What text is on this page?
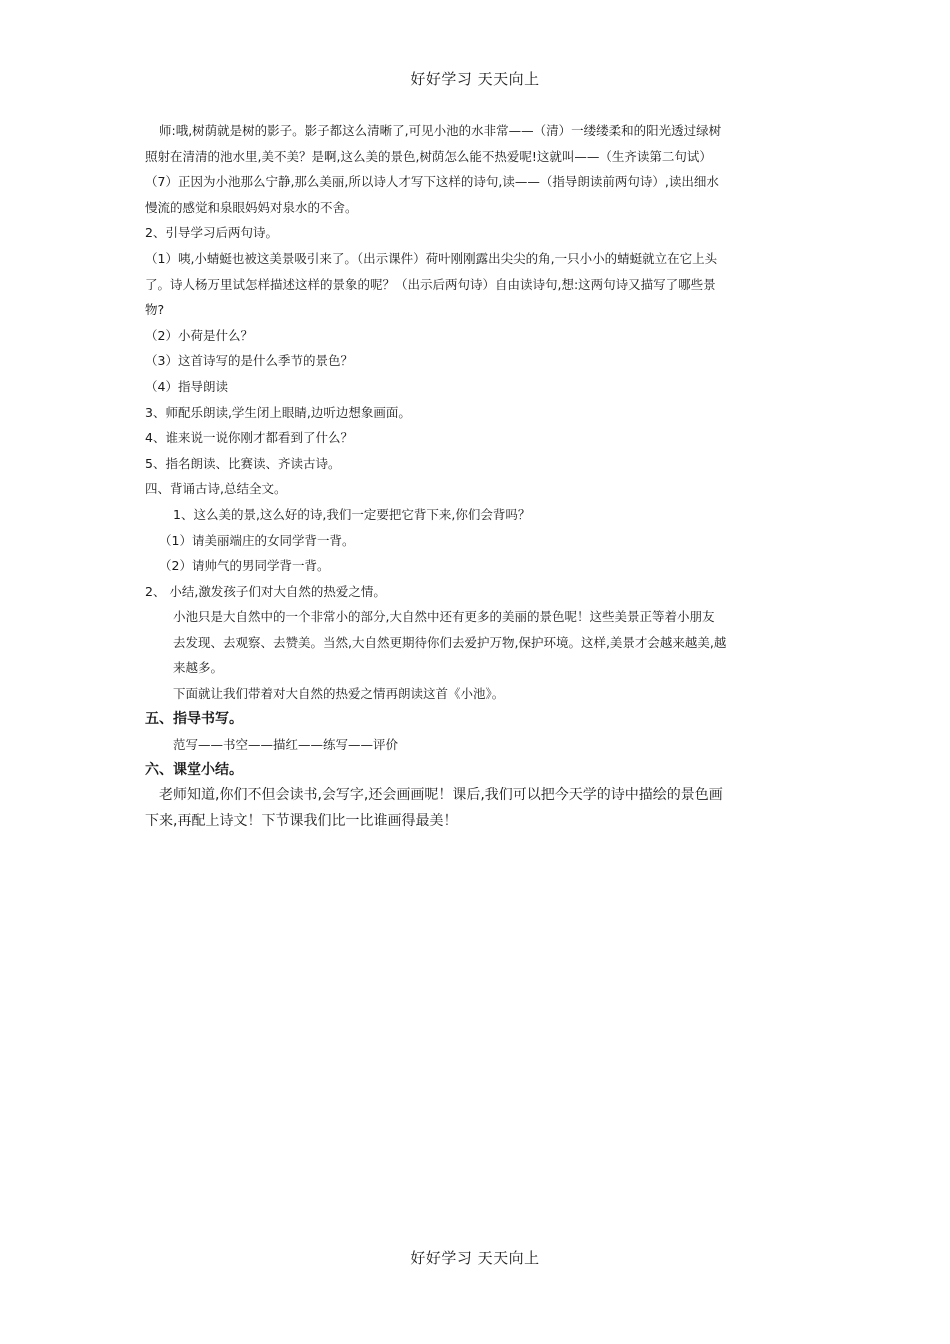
好好学习 天天向上
师:哦,树荫就是树的影子。影子都这么清晰了,可见小池的水非常——（清）一缕缕柔和的阳光透过绿树
照射在清清的池水里,美不美？是啊,这么美的景色,树荫怎么能不热爱呢!这就叫——（生齐读第二句试）
（7）正因为小池那么宁静,那么美丽,所以诗人才写下这样的诗句,读——（指导朗读前两句诗）,读出细水
慢流的感觉和泉眼妈妈对泉水的不舍。
2、引导学习后两句诗。
（1）咦,小蜻蜓也被这美景吸引来了。（出示课件）荷叶刚刚露出尖尖的角,一只小小的蜻蜓就立在它上头
了。诗人杨万里试怎样描述这样的景象的呢？（出示后两句诗）自由读诗句,想:这两句诗又描写了哪些景
物?
（2）小荷是什么？
（3）这首诗写的是什么季节的景色？
（4）指导朗读
3、师配乐朗读,学生闭上眼睛,边听边想象画面。
4、谁来说一说你刚才都看到了什么？
5、指名朗读、比赛读、齐读古诗。
四、背诵古诗,总结全文。
1、这么美的景,这么好的诗,我们一定要把它背下来,你们会背吗？
（1）请美丽端庄的女同学背一背。
（2）请帅气的男同学背一背。
2、 小结,激发孩子们对大自然的热爱之情。
小池只是大自然中的一个非常小的部分,大自然中还有更多的美丽的景色呢！这些美景正等着小朋友
去发现、去观察、去赞美。当然,大自然更期待你们去爱护万物,保护环境。这样,美景才会越来越美,越
来越多。
下面就让我们带着对大自然的热爱之情再朗读这首《小池》。
五、指导书写。
范写——书空——描红——练写——评价
六、课堂小结。
老师知道,你们不但会读书,会写字,还会画画呢！课后,我们可以把今天学的诗中描绘的景色画
下来,再配上诗文！下节课我们比一比谁画得最美！
好好学习 天天向上
